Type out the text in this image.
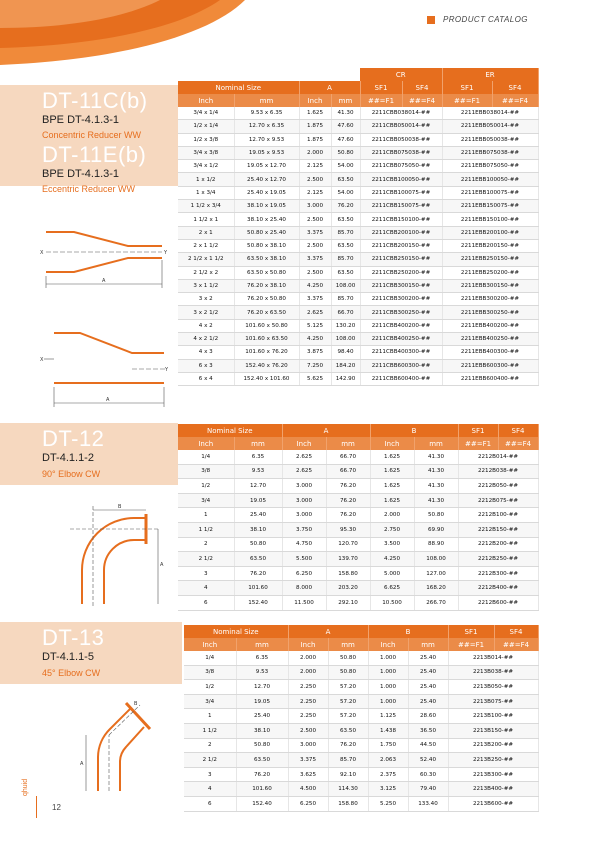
PRODUCT CATALOG
DT-11C(b)
BPE DT-4.1.3-1
Concentric Reducer WW
DT-11E(b)
BPE DT-4.1.3-1
Eccentric Reducer WW
X	Y
A
X
Y
A
				CR		ER	
Nominal Size		A		SF1	SF4	SF1	SF4
Inch	mm	Inch	mm	##=F1	##=F4	##=F1	##=F4
3/4 x 1/4	9.53 x 6.35	1.625	41.30	2211CBB038014-##		2211EBB038014-##	
1/2 x 1/4	12.70 x 6.35	1.875	47.60	2211CBB050014-##		2211EBB050014-##	
1/2 x 3/8	12.70 x 9.53	1.875	47.60	2211CBB050038-##		2211EBB050038-##	
3/4 x 3/8	19.05 x 9.53	2.000	50.80	2211CBB075038-##		2211EBB075038-##	
3/4 x 1/2	19.05 x 12.70	2.125	54.00	2211CBB075050-##		2211EBB075050-##	
1 x 1/2	25.40 x 12.70	2.500	63.50	2211CBB100050-##		2211EBB100050-##	
1 x 3/4	25.40 x 19.05	2.125	54.00	2211CBB100075-##		2211EBB100075-##	
1 1/2 x 3/4	38.10 x 19.05	3.000	76.20	2211CBB150075-##		2211EBB150075-##	
1 1/2 x 1	38.10 x 25.40	2.500	63.50	2211CBB150100-##		2211EBB150100-##	
2 x 1	50.80 x 25.40	3.375	85.70	2211CBB200100-##		2211EBB200100-##	
2 x 1 1/2	50.80 x 38.10	2.500	63.50	2211CBB200150-##		2211EBB200150-##	
2 1/2 x 1 1/2	63.50 x 38.10	3.375	85.70	2211CBB250150-##		2211EBB250150-##	
2 1/2 x 2	63.50 x 50.80	2.500	63.50	2211CBB250200-##		2211EBB250200-##	
3 x 1 1/2	76.20 x 38.10	4.250	108.00	2211CBB300150-##		2211EBB300150-##	
3 x 2	76.20 x 50.80	3.375	85.70	2211CBB300200-##		2211EBB300200-##	
3 x 2 1/2	76.20 x 63.50	2.625	66.70	2211CBB300250-##		2211EBB300250-##	
4 x 2	101.60 x 50.80	5.125	130.20	2211CBB400200-##		2211EBB400200-##	
4 x 2 1/2	101.60 x 63.50	4.250	108.00	2211CBB400250-##		2211EBB400250-##	
4 x 3	101.60 x 76.20	3.875	98.40	2211CBB400300-##		2211EBB400300-##	
6 x 3	152.40 x 76.20	7.250	184.20	2211CBB600300-##		2211EBB600300-##	
6 x 4	152.40 x 101.60	5.625	142.90	2211CBB600400-##		2211EBB600400-##	
DT-12
DT-4.1.1-2
90° Elbow CW
B
A
Nominal Size		A		B		SF1	SF4
Inch	mm	Inch	mm	Inch	mm	##=F1	##=F4
1/4	6.35	2.625	66.70	1.625	41.30	2212B014-##	
3/8	9.53	2.625	66.70	1.625	41.30	2212B038-##	
1/2	12.70	3.000	76.20	1.625	41.30	2212B050-##	
3/4	19.05	3.000	76.20	1.625	41.30	2212B075-##	
1	25.40	3.000	76.20	2.000	50.80	2212B100-##	
1 1/2	38.10	3.750	95.30	2.750	69.90	2212B150-##	
2	50.80	4.750	120.70	3.500	88.90	2212B200-##	
2 1/2	63.50	5.500	139.70	4.250	108.00	2212B250-##	
3	76.20	6.250	158.80	5.000	127.00	2212B300-##	
4	101.60	8.000	203.20	6.625	168.20	2212B400-##	
6	152.40	11.500	292.10	10.500	266.70	2212B600-##	
DT-13
DT-4.1.1-5
45° Elbow CW
B
A
Nominal Size		A		B		SF1	SF4
Inch	mm	Inch	mm	Inch	mm	##=F1	##=F4
1/4	6.35	2.000	50.80	1.000	25.40	2213B014-##	
3/8	9.53	2.000	50.80	1.000	25.40	2213B038-##	
1/2	12.70	2.250	57.20	1.000	25.40	2213B050-##	
3/4	19.05	2.250	57.20	1.000	25.40	2213B075-##	
1	25.40	2.250	57.20	1.125	28.60	2213B100-##	
1 1/2	38.10	2.500	63.50	1.438	36.50	2213B150-##	
2	50.80	3.000	76.20	1.750	44.50	2213B200-##	
2 1/2	63.50	3.375	85.70	2.063	52.40	2213B250-##	
3	76.20	3.625	92.10	2.375	60.30	2213B300-##	
4	101.60	4.500	114.30	3.125	79.40	2213B400-##	
6	152.40	6.250	158.80	5.250	133.40	2213B600-##	
qhuid
12
